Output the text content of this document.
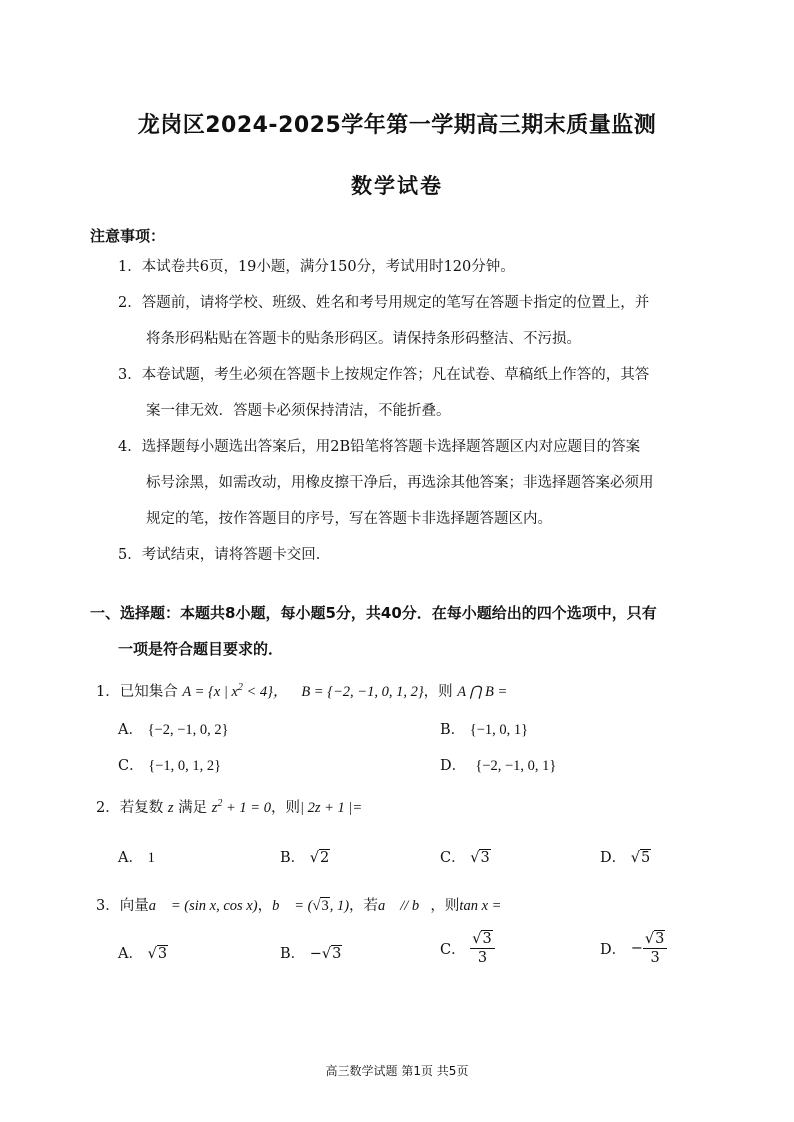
龙岗区2024-2025学年第一学期高三期末质量监测
数学试卷
注意事项：
1．本试卷共6页，19小题，满分150分，考试用时120分钟。
2．答题前，请将学校、班级、姓名和考号用规定的笔写在答题卡指定的位置上，并
将条形码粘贴在答题卡的贴条形码区。请保持条形码整洁、不污损。
3．本卷试题，考生必须在答题卡上按规定作答；凡在试卷、草稿纸上作答的，其答
案一律无效．答题卡必须保持清洁，不能折叠。
4．选择题每小题选出答案后，用2B铅笔将答题卡选择题答题区内对应题目的答案
标号涂黑，如需改动，用橡皮擦干净后，再选涂其他答案；非选择题答案必须用
规定的笔，按作答题目的序号，写在答题卡非选择题答题区内。
5．考试结束，请将答题卡交回．
一、选择题：本题共8小题，每小题5分，共40分．在每小题给出的四个选项中，只有
一项是符合题目要求的．
1．已知集合 A = {x | $x^2 < 4$}， B = {−2, −1, 0, 1, 2}，则 A ⋂ B =
A． {−2, −1, 0, 2}	B． {−1, 0, 1}
C． {−1, 0, 1, 2}	D． {−2, −1, 0, 1}
2．若复数 z 满足 $z^2 + 1 = 0$，则| 2z + 1 |=
A． 1	B． √2	C． √3	D． √5
3．向量a⃗ = (sin x, cos x)，b⃗ = (√3, 1)，若a⃗ // b⃗，则tan x =
A． √3	B． −√3	C． $\frac{√3}{3}$	D． − $\frac{√3}{3}$
高三数学试题 第1页 共5页
